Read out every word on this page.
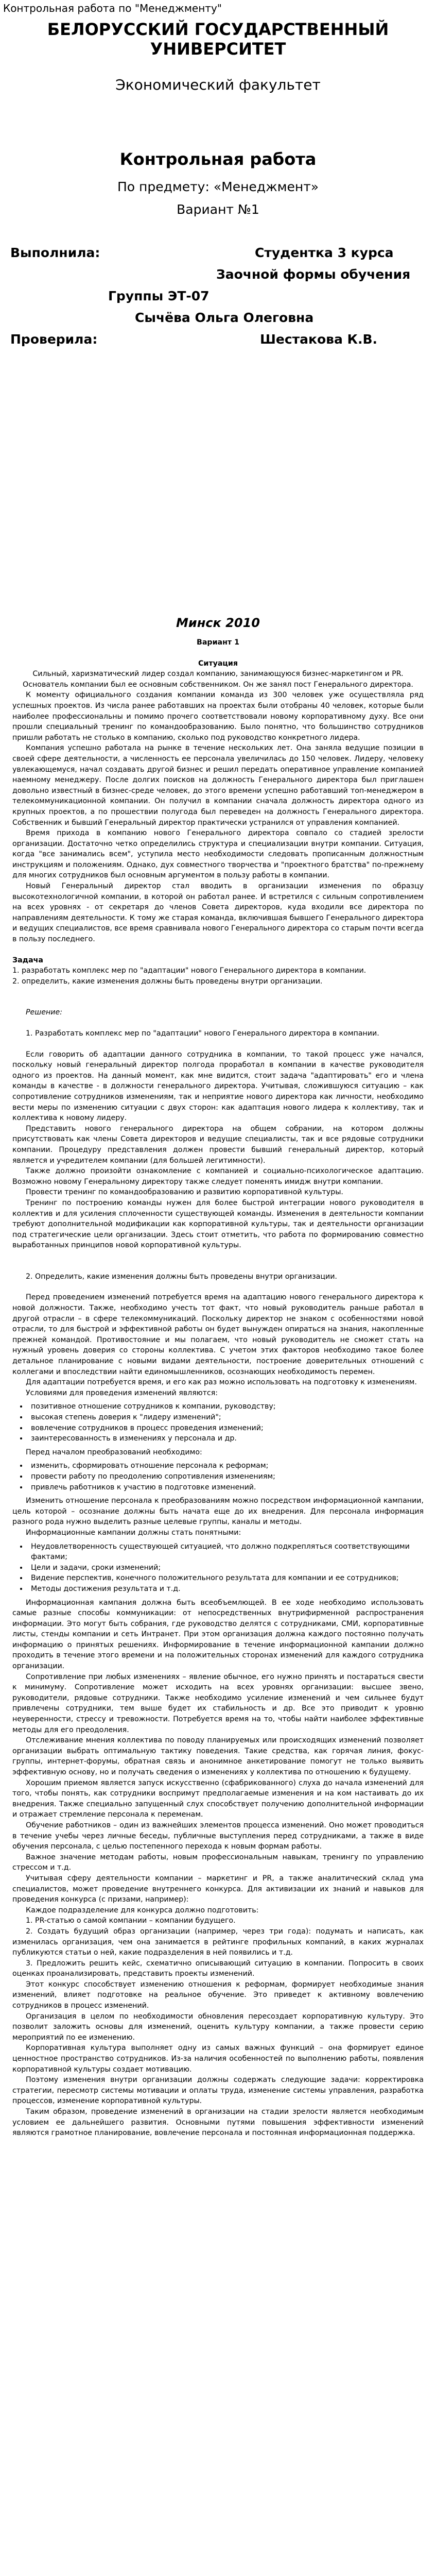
Контрольная работа по "Менеджменту"
БЕЛОРУССКИЙ ГОСУДАРСТВЕННЫЙ УНИВЕРСИТЕТ
Экономический факультет
Контрольная работа
По предмету: «Менеджмент»
Вариант №1
Выполнила:	Студентка 3 курса
Заочной формы обучения
Группы ЭТ-07
Сычёва Ольга Олеговна
Проверила:	Шестакова К.В.

Минск 2010

Вариант 1

Ситуация

Сильный, харизматический лидер создал компанию, занимающуюся бизнес-маркетингом и PR. Основатель компании был ее основным собственником. Он же занял пост Генерального директора.

К моменту официального создания компании команда из 300 человек уже осуществляла ряд успешных проектов. Из числа ранее работавших на проектах были отобраны 40 человек, которые были наиболее профессиональны и помимо прочего соответствовали новому корпоративному духу. Все они прошли специальный тренинг по командообразованию. Было понятно, что большинство сотрудников пришли работать не столько в компанию, сколько под руководство конкретного лидера.

Компания успешно работала на рынке в течение нескольких лет. Она заняла ведущие позиции в своей сфере деятельности, а численность ее персонала увеличилась до 150 человек. Лидеру, человеку увлекающемуся, начал создавать другой бизнес и решил передать оперативное управление компанией наемному менеджеру. После долгих поисков на должность Генерального директора был приглашен довольно известный в бизнес-среде человек, до этого времени успешно работавший топ-менеджером в телекоммуникационной компании. Он получил в компании сначала должность директора одного из крупных проектов, а по прошествии полугода был переведен на должность Генерального директора. Собственник и бывший Генеральный директор практически устранился от управления компанией.

Время прихода в компанию нового Генерального директора совпало со стадией зрелости организации. Достаточно четко определились структура и специализации внутри компании. Ситуация, когда "все занимались всем", уступила место необходимости следовать пропиcанным должностным инструкциям и положениям. Однако, дух совместного творчества и "проектного братства" по-прежнему для многих сотрудников был основным аргументом в пользу работы в компании.

Новый Генеральный директор стал вводить в организации изменения по образцу высокотехнологичной компании, в которой он работал ранее. И встретился с сильным сопротивлением на всех уровнях - от секретаря до членов Совета директоров, куда входили все директора по направлениям деятельности. К тому же старая команда, включившая бывшего Генерального директора и ведущих специалистов, все время сравнивала нового Генерального директора со старым почти всегда в пользу последнего.

Задача

1. разработать комплекс мер по "адаптации" нового Генерального директора в компании.

2. определить, какие изменения должны быть проведены внутри организации.

Решение:

1. Разработать комплекс мер по "адаптации" нового Генерального директора в компании.

Если говорить об адаптации данного сотрудника в компании, то такой процесс уже начался, поскольку новый генеральный директор полгода проработал в компании в качестве руководителя одного из проектов. На данный момент, как мне видится, стоит задача "адаптировать" его и члена команды в качестве - в должности генерального директора. Учитывая, сложившуюся ситуацию – как сопротивление сотрудников изменениям, так и неприятие нового директора как личности, необходимо вести меры по изменению ситуации с двух сторон: как адаптация нового лидера к коллективу, так и коллектива к новому лидеру.

Представить нового генерального директора на общем собрании, на котором должны присутствовать как члены Совета директоров и ведущие специалисты, так и все рядовые сотрудники компании. Процедуру представления должен провести бывший генеральный директор, который является и учредителем компании (для большей легитимности).

Также должно произойти ознакомление с компанией и социально-психологическое адаптацию. Возможно новому Генеральному директору также следует поменять имидж внутри компании.

Провести тренинг по командообразованию и развитию корпоративной культуры.

Тренинг по построению команды нужен для более быстрой интеграции нового руководителя в коллектив и для усиления сплоченности существующей команды. Изменения в деятельности компании требуют дополнительной модификации как корпоративной культуры, так и деятельности организации под стратегические цели организации. Здесь стоит отметить, что работа по формированию совместно выработанных принципов новой корпоративной культуры.

2. Определить, какие изменения должны быть проведены внутри организации.

Перед проведением изменений потребуется время на адаптацию нового генерального директора к новой должности. Также, необходимо учесть тот факт, что новый руководитель раньше работал в другой отрасли – в сфере телекоммуникаций. Поскольку директор не знаком с особенностями новой отрасли, то для быстрой и эффективной работы он будет вынужден опираться на знания, накопленные прежней командой. Противостояние и мы полагаем, что новый руководитель не сможет стать на нужный уровень доверия со стороны коллектива. С учетом этих факторов необходимо такое более детальное планирование с новыми видами деятельности, построение доверительных отношений с коллегами и впоследствии найти единомышленников, осознающих необходимость перемен.

Для адаптации потребуется время, и его как раз можно использовать на подготовку к изменениям.

Условиями для проведения изменений являются:

• позитивное отношение сотрудников к компании, руководству;
• высокая степень доверия к "лидеру изменений";
• вовлечение сотрудников в процесс проведения изменений;
• заинтересованность в изменениях у персонала и др.

Перед началом преобразований необходимо:

• изменить, сформировать отношение персонала к реформам;
• провести работу по преодолению сопротивления изменениям;
• привлечь работников к участию в подготовке изменений.

Изменить отношение персонала к преобразованиям можно посредством информационной кампании, цель которой – осознание должны быть начата еще до их внедрения. Для персонала информация разного рода нужно выделить разные целевые группы, каналы и методы.

Информационные кампании должны стать понятными:

• Неудовлетворенность существующей ситуацией, что должно подкрепляться соответствующими фактами;
• Цели и задачи, сроки изменений;
• Видение перспектив, конечного положительного результата для компании и ее сотрудников;
• Методы достижения результата и т.д.

Информационная кампания должна быть всеобъемлющей. В ее ходе необходимо использовать самые разные способы коммуникации: от непосредственных внутрифирменной распространения информации. Это могут быть собрания, где руководство делятся с сотрудниками, СМИ, корпоративные листы, стенды компании и сеть Интранет. При этом организация должна каждого постоянно получать информацию о принятых решениях. Информирование в течение информационной кампании должно проходить в течение этого времени и на положительных сторонах изменений для каждого сотрудника организации.

Сопротивление при любых изменениях – явление обычное, его нужно принять и постараться свести к минимуму. Сопротивление может исходить на всех уровнях организации: высшее звено, руководители, рядовые сотрудники. Также необходимо усиление изменений и чем сильнее будут привлечены сотрудники, тем выше будет их стабильность и др. Все это приводит к уровню неуверенности, стрессу и тревожности. Потребуется время на то, чтобы найти наиболее эффективные методы для его преодоления.

Отслеживание мнения коллектива по поводу планируемых или происходящих изменений позволяет организации выбрать оптимальную тактику поведения. Такие средства, как горячая линия, фокус-группы, интернет-форумы, обратная связь и анонимное анкетирование помогут не только выявить эффективную основу, но и получать сведения о изменениях у коллектива по отношению к будущему.

Хорошим приемом является запуск искусственно (сфабрикованного) слуха до начала изменений для того, чтобы понять, как сотрудники воспримут предполагаемые изменения и на ком настаивать до их внедрения. Также специально запущенный слух способствует получению дополнительной информации и отражает стремление персонала к переменам.

Обучение работников – один из важнейших элементов процесса изменений. Оно может проводиться в течение учебы через личные беседы, публичные выступления перед сотрудниками, а также в виде обучения персонала, с целью постепенного перехода к новым формам работы.

Важное значение методам работы, новым профессиональным навыкам, тренингу по управлению стрессом и т.д.

Учитывая сферу деятельности компании – маркетинг и PR, а также аналитический склад ума специалистов, может проведение внутреннего конкурса. Для активизации их знаний и навыков для проведения конкурса (с призами, например):

Каждое подразделение для конкурса должно подготовить:

1. PR-статью о самой компании – компании будущего.

2. Создать будущий образ организации (например, через три года): подумать и написать, как изменилась организация, чем она занимается в рейтинге профильных компаний, в каких журналах публикуются статьи о ней, какие подразделения в ней появились и т.д.

3. Предложить решить кейс, схематично описывающий ситуацию в компании. Попросить в своих оценках проанализировать, представить проекты изменений.

Этот конкурс способствует изменению отношения к реформам, формирует необходимые знания изменений, влияет подготовке на реальное обучение. Это приведет к активному вовлечению сотрудников в процесс изменений.

Организация в целом по необходимости обновления пересоздает корпоративную культуру. Это позволит заложить основы для изменений, оценить культуру компании, а также провести серию мероприятий по ее изменению.

Корпоративная культура выполняет одну из самых важных функций – она формирует единое ценностное пространство сотрудников. Из-за наличия особенностей по выполнению работы, появления корпоративной культуры создает мотивацию.

Поэтому изменения внутри организации должны содержать следующие задачи: корректировка стратегии, пересмотр системы мотивации и оплаты труда, изменение системы управления, разработка процессов, изменение корпоративной культуры.

Таким образом, проведение изменений в организации на стадии зрелости является необходимым условием ее дальнейшего развития. Основными путями повышения эффективности изменений являются грамотное планирование, вовлечение персонала и постоянная информационная поддержка.
